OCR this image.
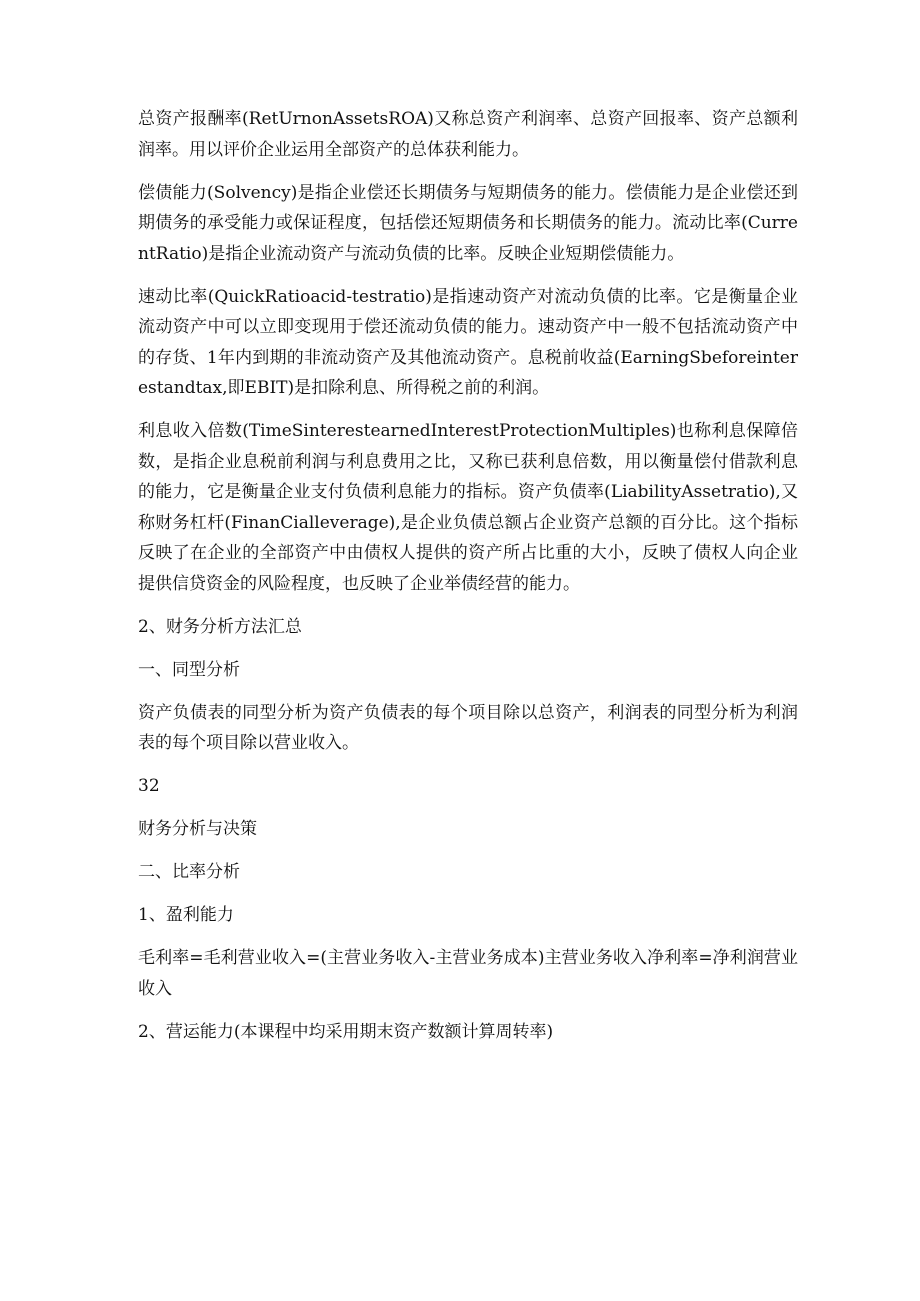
总资产报酬率(RetUrnonAssetsROA)又称总资产利润率、总资产回报率、资产总额利润率。用以评价企业运用全部资产的总体获利能力。

偿债能力(Solvency)是指企业偿还长期债务与短期债务的能力。偿债能力是企业偿还到期债务的承受能力或保证程度，包括偿还短期债务和长期债务的能力。流动比率(CurrentRatio)是指企业流动资产与流动负债的比率。反映企业短期偿债能力。

速动比率(QuickRatioacid-testratio)是指速动资产对流动负债的比率。它是衡量企业流动资产中可以立即变现用于偿还流动负债的能力。速动资产中一般不包括流动资产中的存货、1年内到期的非流动资产及其他流动资产。息税前收益(EarningSbeforeinterestandtax,即EBIT)是扣除利息、所得税之前的利润。

利息收入倍数(TimeSinterestearnedInterestProtectionMultiples)也称利息保障倍数，是指企业息税前利润与利息费用之比，又称已获利息倍数，用以衡量偿付借款利息的能力，它是衡量企业支付负债利息能力的指标。资产负债率(LiabilityAssetratio),又称财务杠杆(FinanCialleverage),是企业负债总额占企业资产总额的百分比。这个指标反映了在企业的全部资产中由债权人提供的资产所占比重的大小，反映了债权人向企业提供信贷资金的风险程度，也反映了企业举债经营的能力。

2、财务分析方法汇总

一、同型分析

资产负债表的同型分析为资产负债表的每个项目除以总资产，利润表的同型分析为利润表的每个项目除以营业收入。

32

财务分析与决策

二、比率分析

1、盈利能力

毛利率=毛利营业收入=(主营业务收入-主营业务成本)主营业务收入净利率=净利润营业收入

2、营运能力(本课程中均采用期末资产数额计算周转率)
